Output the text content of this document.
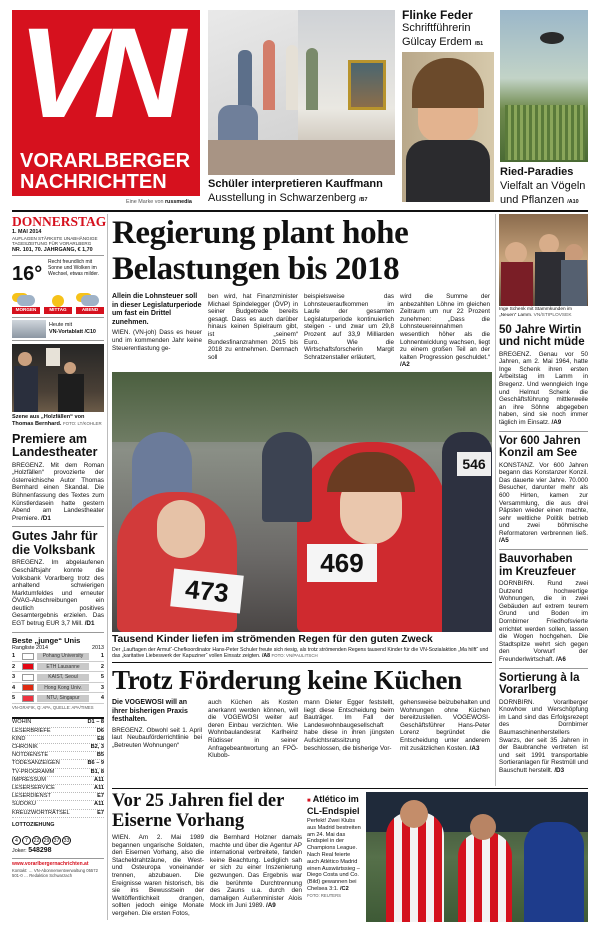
VN
VORARLBERGER
NACHRICHTEN
Eine Marke von russmedia
Schüler interpretieren Kauffmann
Ausstellung in Schwarzenberg /B7
Flinke Feder
Schriftführerin
Gülcay Erdem /B1
Ried-Paradies
Vielfalt an Vögeln
und Pflanzen /A10
DONNERSTAG
1. MAI 2014
AUFLAGEN STÄRKSTE UNABHÄNGIGE TAGESZEITUNG FÜR VORARLBERG
NR. 101, 70. JAHRGANG, € 1,70
16°
Recht freundlich mit Sonne und Wolken im Wechsel, etwas milder.
MORGEN	MITTAG	ABEND
Heute mit
VN-Vortablatt /C10
Szene aus „Holzfällen“ von Thomas Bernhard. FOTO: LT/KOHLER
Premiere am Landestheater
BREGENZ. Mit dem Roman „Holzfällen“ provozierte der österreichische Autor Thomas Bernhard einen Skandal. Die Bühnenfassung des Textes zum Künstlerdasein hatte gestern Abend am Landestheater Premiere. /D1
Gutes Jahr für die Volksbank
BREGENZ. Im abgelaufenen Geschäftsjahr konnte die Volksbank Vorarlberg trotz des anhaltend schwierigen Marktumfeldes und erneuter ÖVAG-Abschreibungen ein deutlich positives Gesamtergebnis erzielen. Das EGT betrug EUR 3,7 Mill. /D1
Beste „junge“ Unis
Rangliste 2014	2013
1	Pohang University	1
2	ETH Lausanne	2
3	KAIST, Seoul	5
4	Hong Kong Univ.	3
5	NTU, Singapur	4
VN-GRAFIK, Q: APA, QUELLE: APA/TIMES
WOHIN	D1 – 8
LESERBRIEFE	D6
KIND	E8
CHRONIK	B2, 3
NOTDIENSTE	B5
TODESANZEIGEN	B6 – 9
TV-PROGRAMM	B1, 8
IMPRESSUM	A11
LESERSERVICE	A11
LESERDIENST	E7
SUDOKU	A11
KREUZWORTRÄTSEL	E7
LOTTOZIEHUNG
4 7 22 29 37 33
Joker: 548298
www.vorarlbergernachrichten.at
Kontakt: … VN-Abonnementverwaltung 05572 501-0 … Redaktion Schwarzach
Regierung plant hohe Belastungen bis 2018
Allein die Lohnsteuer soll in dieser Legislaturperiode um fast ein Drittel zunehmen.
WIEN. (VN-joh) Dass es heuer und im kommenden Jahr keine Steuerentlastung ge-
ben wird, hat Finanzminister Michael Spindelegger (ÖVP) in seiner Budgetrede bereits gesagt. Dass es auch darüber hinaus keinen Spielraum gibt, ist „seinem“ Bundesfinanzrahmen 2015 bis 2018 zu entnehmen. Demnach soll
beispielsweise das Lohnsteueraufkommen im Laufe der gesamten Legislaturperiode kontinuierlich steigen - und zwar um 29,8 Prozent auf 33,9 Milliarden Euro. Wie die Wirtschaftsforscherin Margit Schratzenstaller erläutert,
wird die Summe der anbezahlten Löhne im gleichen Zeitraum um nur 22 Prozent zunehmen: „Dass die Lohnsteuereinnahmen wesentlich höher als die Lohnentwicklung wachsen, liegt zu einem großen Teil an der kalten Progression geschuldet.“ /A2
473
469
546
Tausend Kinder liefen im strömenden Regen für den guten Zweck
Der „Lauftagen der Armut“-Chefkoordinator Hans-Peter Schuler freute sich riesig, als trotz strömenden Regens tausend Kinder für die VN-Sozialaktion „Ma hilft“ und das „karitative Liebeswerk der Kapuziner“ vollen Einsatz zeigten. /A8 FOTO: VN/PAULITSCH
Trotz Förderung keine Küchen
Die VOGEWOSI will an ihrer bisherigen Praxis festhalten.
BREGENZ. Obwohl seit 1. April laut Neubauförderrichtlinie bei „Betreuten Wohnungen“
auch Küchen als Kosten anerkannt werden können, will die VOGEWOSI weiter auf deren Einbau verzichten. Wie Wohnbaulandesrat Karlheinz Rüdisser in seiner Anfragebeantwortung an FPÖ-Klubob-
mann Dieter Egger feststellt, liegt diese Entscheidung beim Bauträger. Im Fall der Landeswohnbaugesellschaft habe diese in ihren jüngsten Aufsichtsratssitzung beschlossen, die bisherige Vor-
gehensweise beizubehalten und Wohnungen ohne Küchen bereitzustellen. VOGEWOSI-Geschäftsführer Hans-Peter Lorenz begründet die Entscheidung unter anderem mit zusätzlichen Kosten. /A3
Vor 25 Jahren fiel der Eiserne Vorhang
WIEN. Am 2. Mai 1989 begannen ungarische Soldaten, den Eisernen Vorhang, also die Stacheldrahtzäune, die West- und Osteuropa voneinander trennen, abzubauen. Die Ereignisse waren historisch, bis sie ins Bewusstsein der Weltöffentlichkeit drangen, sollten jedoch einige Monate vergehen. Die ersten Fotos,
die Bernhard Holzner damals machte und über die Agentur AP international verbreitete, fanden keine Beachtung. Lediglich sah er sich zu einer Inszenierung gezwungen. Das Ergebnis war die berühmte Durchtrennung des Zauns u.a. durch den damaligen Außenminister Alois Mock im Juni 1989. /A9
■ Atlético im CL-Endspiel
Perfekt! Zwei Klubs aus Madrid bestreiten am 24. Mai das Endspiel in der Champions League. Nach Real feierte auch Atlético Madrid einen Auswärtssieg – Diego Costa und Co. (Bild) gewannen bei Chelsea 3:1. /C2
FOTO: REUTERS
Inge Schenk mit Stammkunden im „Neuen“ Lamm. VN/STIPLOVSEK
50 Jahre Wirtin und nicht müde
BREGENZ. Genau vor 50 Jahren, am 2. Mai 1964, hatte Inge Schenk ihren ersten Arbeitstag im Lamm in Bregenz. Und wenngleich Inge und Helmut Schenk die Geschäftsführung mittlerweile an ihre Söhne abgegeben haben, sind sie noch immer täglich im Einsatz. /A9
Vor 600 Jahren Konzil am See
KONSTANZ. Vor 600 Jahren begann das Konstanzer Konzil. Das dauerte vier Jahre. 70.000 Besucher, darunter mehr als 600 Hirten, kamen zur Versammlung, die aus drei Päpsten wieder einen machte, sehr weltliche Politik betrieb und zwei böhmische Reformatoren verbrennen ließ. /A5
Bauvorhaben im Kreuzfeuer
DORNBIRN. Rund zwei Dutzend hochwertige Wohnungen, die in zwei Gebäuden auf extrem teurem Grund und Boden im Dornbirner Friedhofsvierte errichtet werden sollen, lassen die Wogen hochgehen. Die Stadtspitze wehrt sich gegen den Vorwurf der Freunderlwirtschaft. /A6
Sortierung à la Vorarlberg
DORNBIRN. Vorarlberger Knowhow und Werschöpfung im Land sind das Erfolgsrezept des Dornbirner Baumaschinenherstellers Swarzs, der seit 35 Jahren in der Baubranche vertreten ist und seit 1991 transportable Sortieranlagen für Restmüll und Bauschutt herstellt. /D3
